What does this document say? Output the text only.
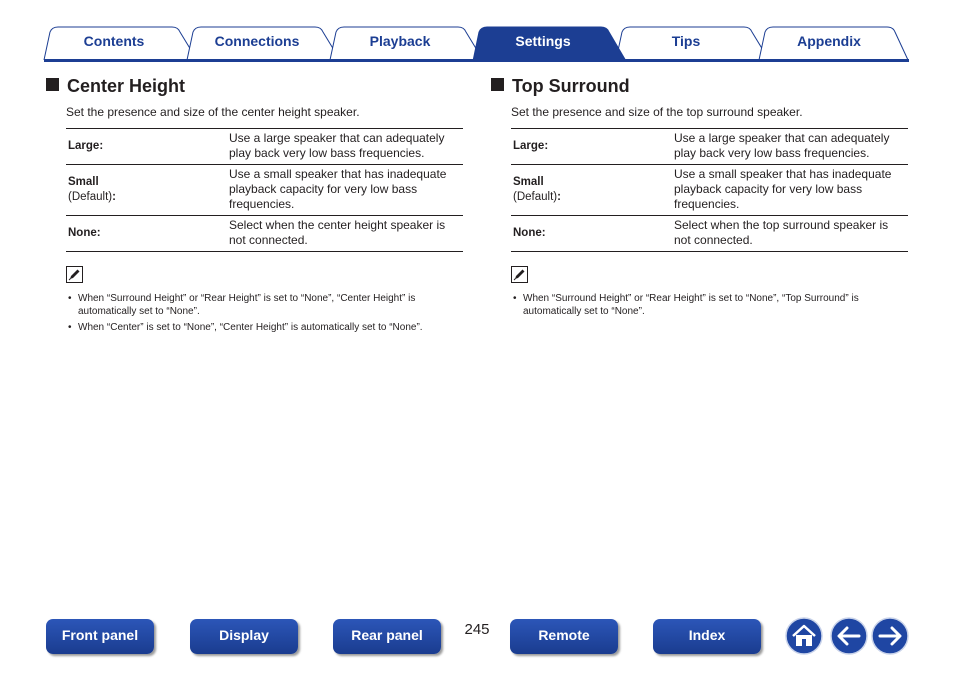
Contents	Connections	Playback	Settings	Tips	Appendix
Center Height
Set the presence and size of the center height speaker.
Large:	Use a large speaker that can adequately play back very low bass frequencies.
Small
(Default):	Use a small speaker that has inadequate playback capacity for very low bass frequencies.
None:	Select when the center height speaker is not connected.
• When “Surround Height” or “Rear Height” is set to “None”, “Center Height” is automatically set to “None”.
• When “Center” is set to “None”, “Center Height” is automatically set to “None”.
Top Surround
Set the presence and size of the top surround speaker.
Large:	Use a large speaker that can adequately play back very low bass frequencies.
Small
(Default):	Use a small speaker that has inadequate playback capacity for very low bass frequencies.
None:	Select when the top surround speaker is not connected.
• When “Surround Height” or “Rear Height” is set to “None”, “Top Surround” is automatically set to “None”.
Front panel	Display	Rear panel	245	Remote	Index
